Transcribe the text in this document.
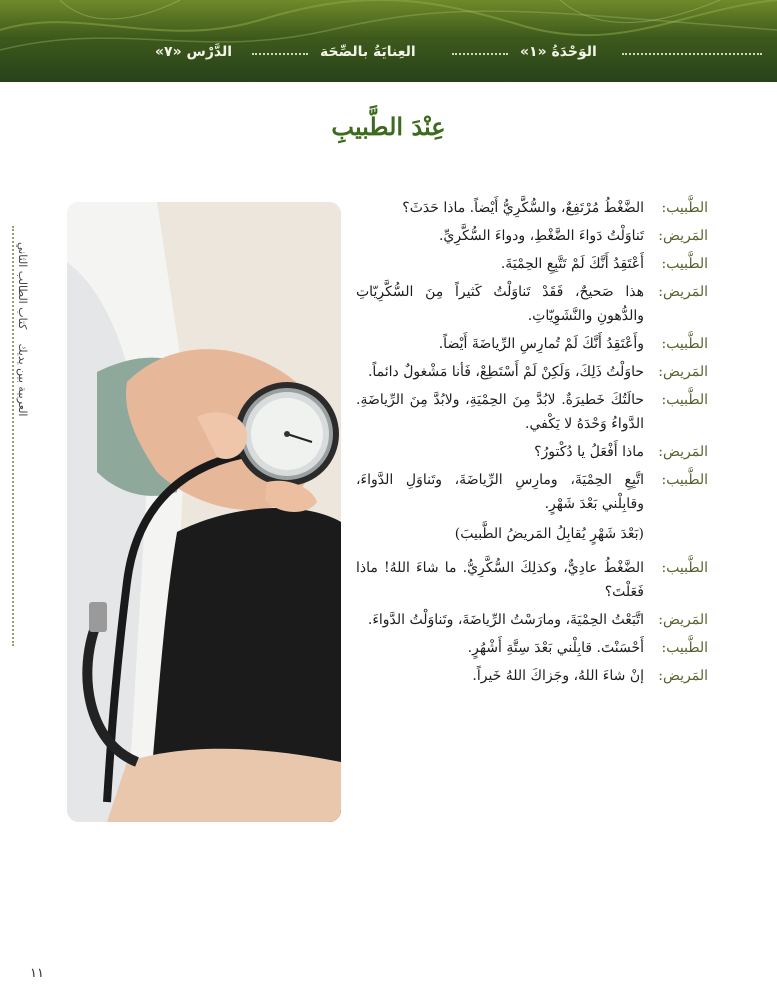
الوَحْدَةُ «١»
العِنايَةُ بالصِّحَة
الدَّرْس «٧»
عِنْدَ الطَّبيبِ
العربية بين يديك    كتاب الطالب الثاني
الطَّبيب:
الضَّغْطُ مُرْتَفِعٌ، والسُّكَّرِيُّ أَيْضاً. ماذا حَدَثَ؟
المَريض:
تَناوَلْتُ دَواءَ الضَّغْطِ، ودواءَ السُّكَّرِيِّ.
الطَّبيب:
أَعْتَقِدُ أَنَّكَ لَمْ تَتَّبِعِ الحِمْيَةَ.
المَريض:
هذا صَحيحٌ، فَقَدْ تَناوَلْتُ كَثيراً مِنَ السُّكَّرِيّاتِ والدُّهونِ والنَّشَوِيّاتِ.
الطَّبيب:
وأَعْتَقِدُ أَنَّكَ لَمْ تُمارِسِ الرِّياضَةَ أَيْضاً.
المَريض:
حاوَلْتُ ذَلِكَ، وَلَكِنْ لَمْ أَسْتَطِعْ، فَأنا مَشْغولٌ دائماً.
الطَّبيب:
حالَتُكَ خَطيرَةٌ. لابُدَّ مِنَ الحِمْيَةِ، ولابُدَّ مِنَ الرِّياضَةِ. الدَّواءُ وَحْدَهُ لا يَكْفي.
المَريض:
ماذا أَفْعَلُ يا دُكْتورُ؟
الطَّبيب:
اتَّبِعِ الحِمْيَةَ، ومارِسِ الرِّياضَةَ، وتَناوَلِ الدَّواءَ، وقابِلْني بَعْدَ شَهْرٍ.
(بَعْدَ شَهْرٍ يُقابِلُ المَريضُ الطَّبيبَ)
الطَّبيب:
الضَّغْطُ عادِيٌّ، وكذلِكَ السُّكَّرِيُّ. ما شاءَ اللهُ! ماذا فَعَلْتَ؟
المَريض:
اتَّبَعْتُ الحِمْيَةَ، ومارَسْتُ الرِّياضَةَ، وتَناوَلْتُ الدَّواءَ.
الطَّبيب:
أَحْسَنْتَ. قابِلْني بَعْدَ سِتَّةِ أَشْهُرٍ.
المَريض:
إنْ شاءَ اللهُ، وجَزاكَ اللهُ خَيراً.
١١
